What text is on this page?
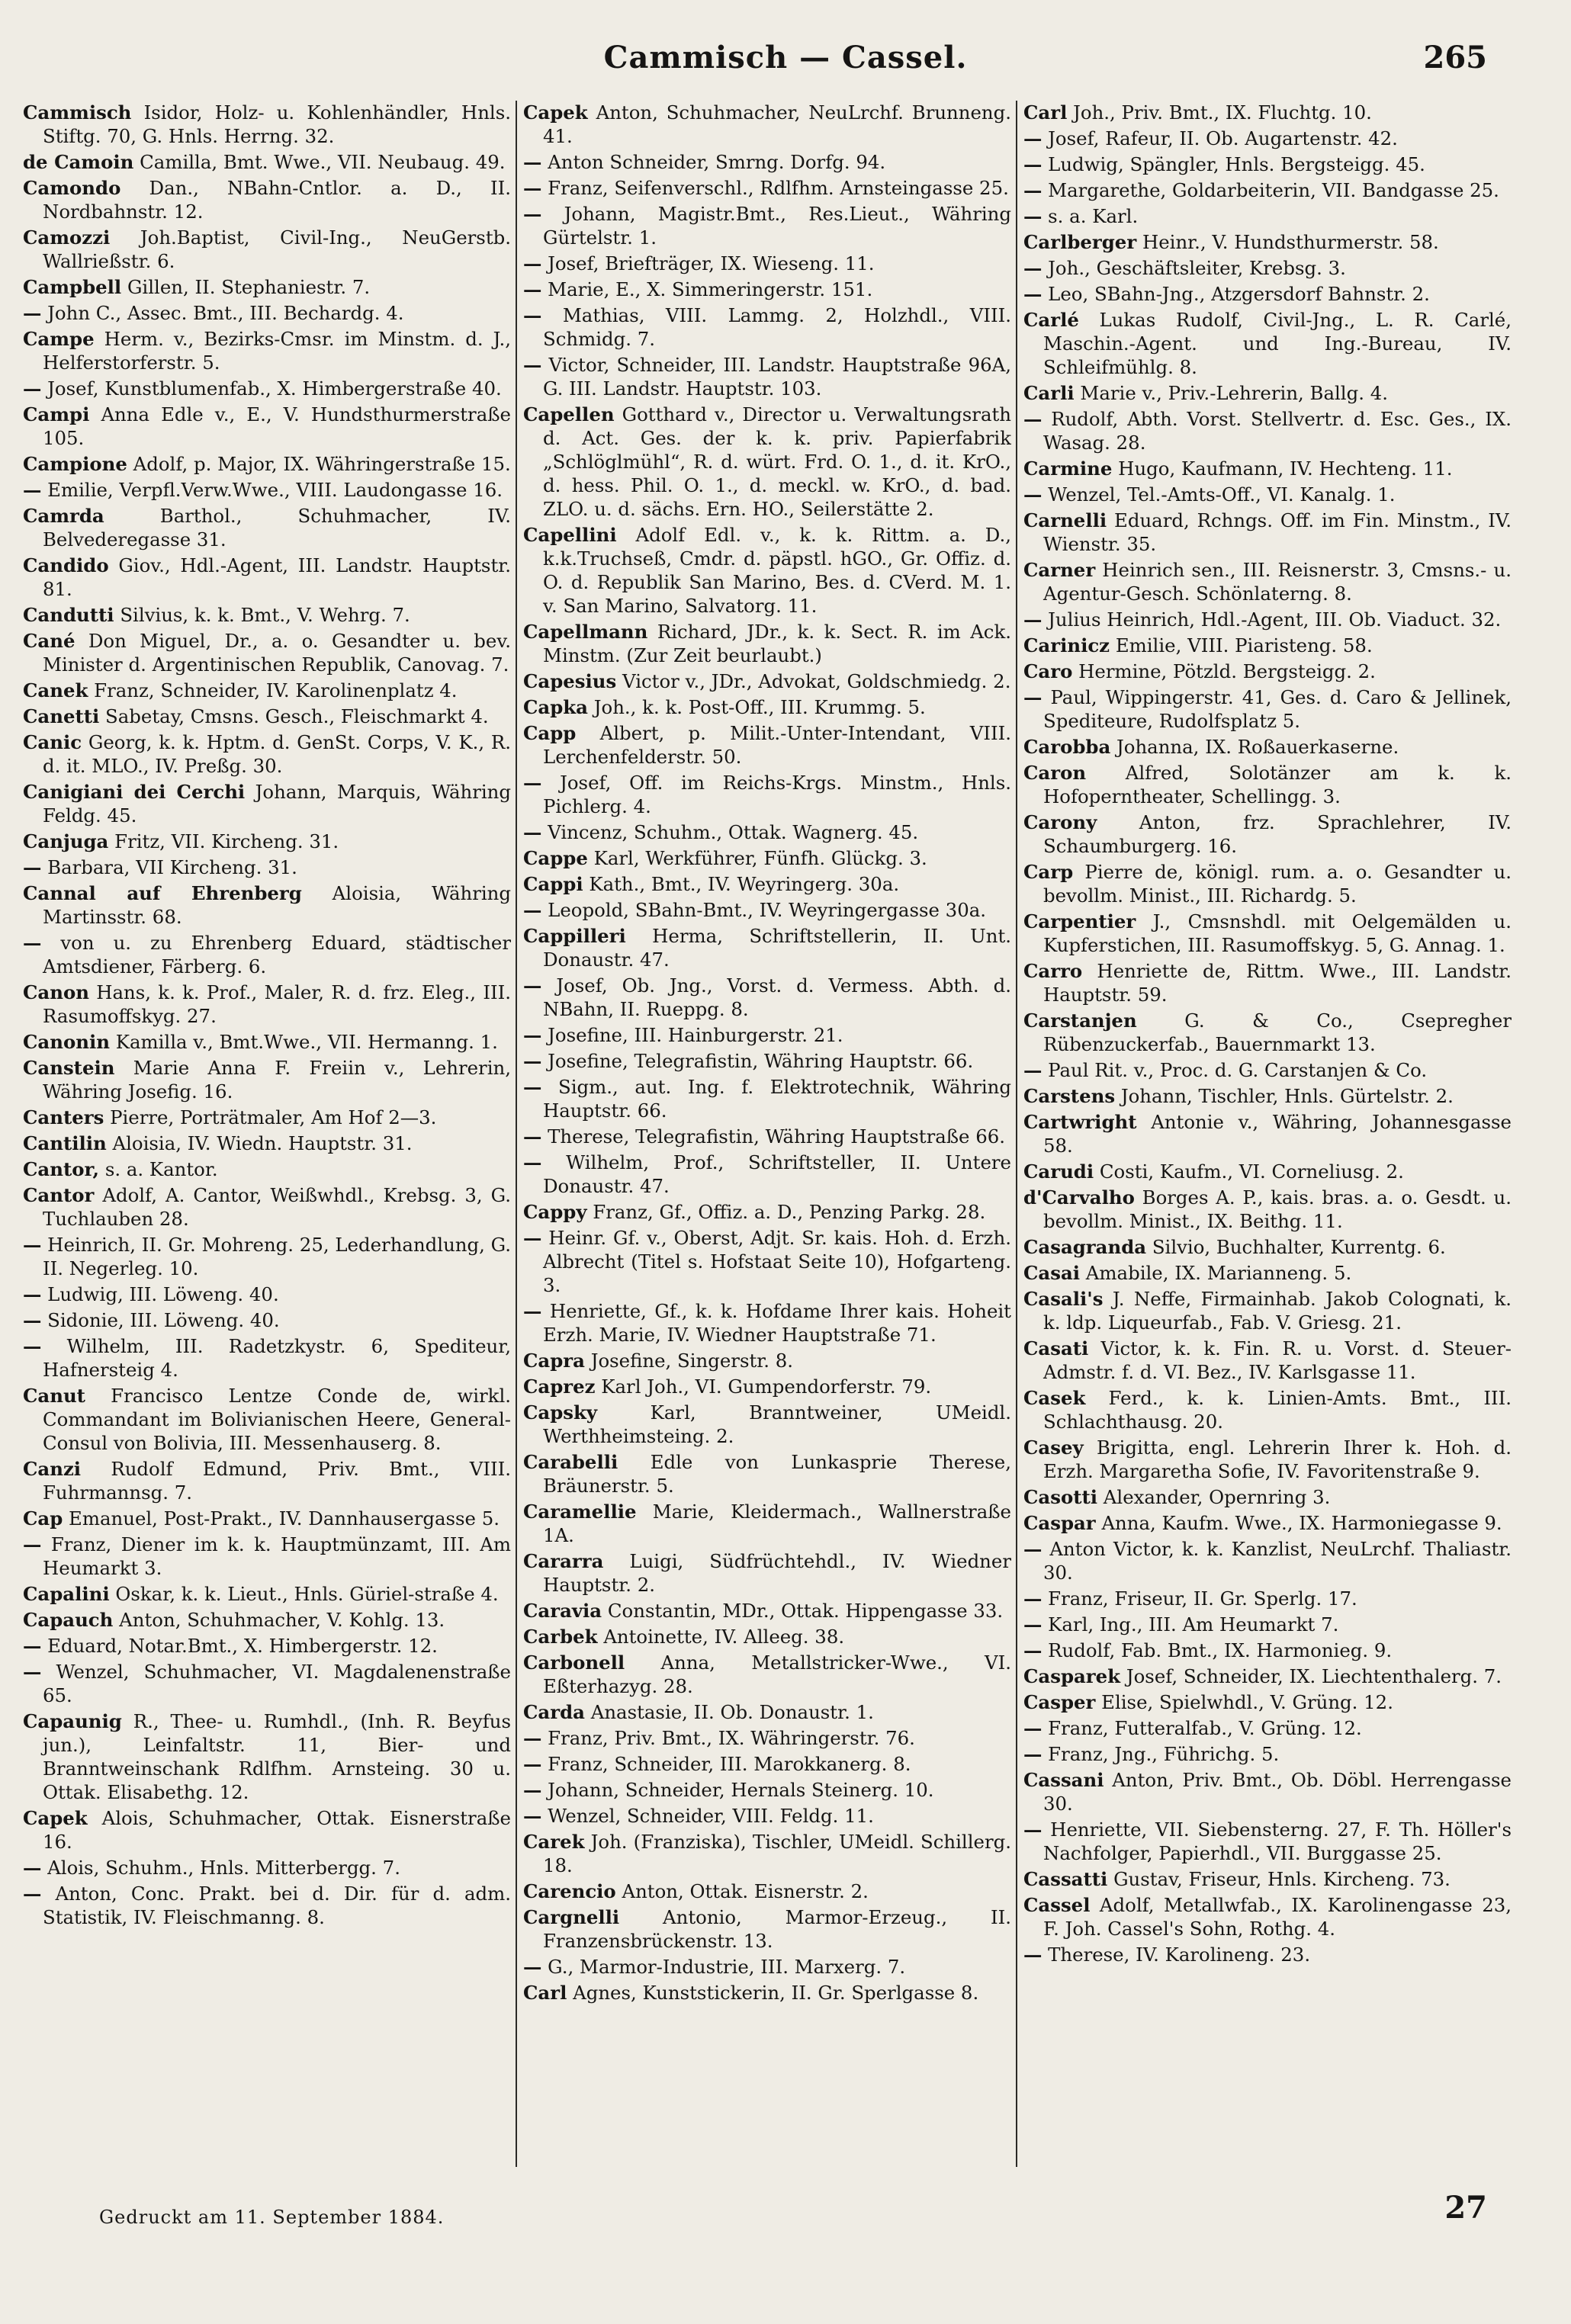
Cammisch — Cassel.	265

Cammisch Isidor, Holz- u. Kohlenhändler, Hnls. Stiftg. 70, G. Hnls. Herrng. 32.

de Camoin Camilla, Bmt. Wwe., VII. Neubaug. 49.

Camondo Dan., NBahn-Cntlor. a. D., II. Nordbahnstr. 12.

Camozzi Joh.Baptist, Civil-Ing., NeuGerstb. Wallrießstr. 6.

Campbell Gillen, II. Stephaniestr. 7.

— John C., Assec. Bmt., III. Bechardg. 4.

Campe Herm. v., Bezirks-Cmsr. im Minstm. d. J., Helferstorferstr. 5.

— Josef, Kunstblumenfab., X. Himbergerstraße 40.

Campi Anna Edle v., E., V. Hundsthurmerstraße 105.

Campione Adolf, p. Major, IX. Währingerstraße 15.

— Emilie, Verpfl.Verw.Wwe., VIII. Laudongasse 16.

Camrda	Barthol., Schuhmacher, IV. Belvederegasse 31.

Candido Giov., Hdl.-Agent, III. Landstr. Hauptstr. 81.

Candutti Silvius, k. k. Bmt., V. Wehrg. 7.

Cané Don Miguel, Dr., a. o. Gesandter u. bev. Minister d. Argentinischen Republik, Canovag. 7.

Canek Franz, Schneider, IV. Karolinenplatz 4.

Canetti Sabetay, Cmsns. Gesch., Fleischmarkt 4.

Canic Georg, k. k. Hptm. d. GenSt. Corps, V. K., R. d. it. MLO., IV. Preßg. 30.

Canigiani dei Cerchi Johann, Marquis, Währing Feldg. 45.

Canjuga Fritz, VII. Kircheng. 31.

— Barbara, VII Kircheng. 31.

Cannal auf Ehrenberg Aloisia, Währing Martinsstr. 68.

— von u. zu Ehrenberg Eduard, städtischer Amtsdiener, Färberg. 6.

Canon Hans, k. k. Prof., Maler, R. d. frz. Eleg., III. Rasumoffskyg. 27.

Canonin Kamilla v., Bmt.Wwe., VII. Hermanng. 1.

Canstein Marie Anna F. Freiin v., Lehrerin, Währing Josefig. 16.

Canters Pierre, Porträtmaler, Am Hof 2—3.

Cantilin Aloisia, IV. Wiedn. Hauptstr. 31.

Cantor, s. a. Kantor.

Cantor Adolf, A. Cantor, Weißwhdl., Krebsg. 3, G. Tuchlauben 28.

— Heinrich, II. Gr. Mohreng. 25, Lederhandlung, G. II. Negerleg. 10.

— Ludwig, III. Löweng. 40.

— Sidonie, III. Löweng. 40.

— Wilhelm, III. Radetzkystr. 6, Spediteur, Hafnersteig 4.

Canut Francisco Lentze Conde de, wirkl. Commandant im Bolivianischen Heere, General-Consul von Bolivia, III. Messenhauserg. 8.

Canzi Rudolf Edmund, Priv. Bmt., VIII. Fuhrmannsg. 7.

Cap Emanuel, Post-Prakt., IV. Dannhausergasse 5.

— Franz, Diener im k. k. Hauptmünzamt, III. Am Heumarkt 3.

Capalini Oskar, k. k. Lieut., Hnls. Güriel-straße 4.

Capauch Anton, Schuhmacher, V. Kohlg. 13.

— Eduard, Notar.Bmt., X. Himbergerstr. 12.

— Wenzel, Schuhmacher, VI. Magdalenenstraße 65.

Capaunig R., Thee- u. Rumhdl., (Inh. R. Beyfus jun.), Leinfaltstr. 11, Bier- und Branntweinschank Rdlfhm. Arnsteing. 30 u. Ottak. Elisabethg. 12.

Capek Alois, Schuhmacher, Ottak. Eisnerstraße 16.

— Alois, Schuhm., Hnls. Mitterbergg. 7.

— Anton, Conc. Prakt. bei d. Dir. für d. adm. Statistik, IV. Fleischmanng. 8.

Capek Anton, Schuhmacher, NeuLrchf. Brunneng. 41.

— Anton Schneider, Smrng. Dorfg. 94.

— Franz, Seifenverschl., Rdlfhm. Arnsteingasse 25.

— Johann, Magistr.Bmt., Res.Lieut., Währing Gürtelstr. 1.

— Josef, Briefträger, IX. Wieseng. 11.

— Marie, E., X. Simmeringerstr. 151.

— Mathias, VIII. Lammg. 2, Holzhdl., VIII. Schmidg. 7.

— Victor, Schneider, III. Landstr. Hauptstraße 96A, G. III. Landstr. Hauptstr. 103.

Capellen Gotthard v., Director u. Verwaltungsrath d. Act. Ges. der k. k. priv. Papierfabrik „Schlöglmühl“, R. d. würt. Frd. O. 1., d. it. KrO., d. hess. Phil. O. 1., d. meckl. w. KrO., d. bad. ZLO. u. d. sächs. Ern. HO., Seilerstätte 2.

Capellini Adolf Edl. v., k. k. Rittm. a. D., k.k.Truchseß, Cmdr. d. päpstl. hGO., Gr. Offiz. d. O. d. Republik San Marino, Bes. d. CVerd. M. 1. v. San Marino, Salvatorg. 11.

Capellmann Richard, JDr., k. k. Sect. R. im Ack. Minstm. (Zur Zeit beurlaubt.)

Capesius Victor v., JDr., Advokat, Goldschmiedg. 2.

Capka Joh., k. k. Post-Off., III. Krummg. 5.

Capp Albert, p. Milit.-Unter-Intendant, VIII. Lerchenfelderstr. 50.

— Josef, Off. im Reichs-Krgs. Minstm., Hnls. Pichlerg. 4.

— Vincenz, Schuhm., Ottak. Wagnerg. 45.

Cappe Karl, Werkführer, Fünfh. Glückg. 3.

Cappi Kath., Bmt., IV. Weyringerg. 30a.

— Leopold, SBahn-Bmt., IV. Weyringergasse 30a.

Cappilleri Herma, Schriftstellerin, II. Unt. Donaustr. 47.

— Josef, Ob. Jng., Vorst. d. Vermess. Abth. d. NBahn, II. Rueppg. 8.

— Josefine, III. Hainburgerstr. 21.

— Josefine, Telegrafistin, Währing Hauptstr. 66.

— Sigm., aut. Ing. f. Elektrotechnik, Währing Hauptstr. 66.

— Therese, Telegrafistin, Währing Hauptstraße 66.

— Wilhelm, Prof., Schriftsteller, II. Untere Donaustr. 47.

Cappy Franz, Gf., Offiz. a. D., Penzing Parkg. 28.

— Heinr. Gf. v., Oberst, Adjt. Sr. kais. Hoh. d. Erzh. Albrecht (Titel s. Hofstaat Seite 10), Hofgarteng. 3.

— Henriette, Gf., k. k. Hofdame Ihrer kais. Hoheit Erzh. Marie, IV. Wiedner Hauptstraße 71.

Capra Josefine, Singerstr. 8.

Caprez Karl Joh., VI. Gumpendorferstr. 79.

Capsky	Karl, Branntweiner, UMeidl. Werthheimsteing. 2.

Carabelli Edle von Lunkasprie Therese, Bräunerstr. 5.

Caramellie Marie, Kleidermach., Wallnerstraße 1A.

Cararra Luigi, Südfrüchtehdl., IV. Wiedner Hauptstr. 2.

Caravia Constantin, MDr., Ottak. Hippengasse 33.

Carbek Antoinette, IV. Alleeg. 38.

Carbonell Anna, Metallstricker-Wwe., VI. Eßterhazyg. 28.

Carda Anastasie, II. Ob. Donaustr. 1.

— Franz, Priv. Bmt., IX. Währingerstr. 76.

— Franz, Schneider, III. Marokkanerg. 8.

— Johann, Schneider, Hernals Steinerg. 10.

— Wenzel, Schneider, VIII. Feldg. 11.

Carek Joh. (Franziska), Tischler, UMeidl. Schillerg. 18.

Carencio Anton, Ottak. Eisnerstr. 2.

Cargnelli Antonio, Marmor-Erzeug., II. Franzensbrückenstr. 13.

— G., Marmor-Industrie, III. Marxerg. 7.

Carl Agnes, Kunststickerin, II. Gr. Sperlgasse 8.

Carl Joh., Priv. Bmt., IX. Fluchtg. 10.

— Josef, Rafeur, II. Ob. Augartenstr. 42.

— Ludwig, Spängler, Hnls. Bergsteigg. 45.

— Margarethe, Goldarbeiterin, VII. Bandgasse 25.

— s. a. Karl.

Carlberger Heinr., V. Hundsthurmerstr. 58.

— Joh., Geschäftsleiter, Krebsg. 3.

— Leo, SBahn-Jng., Atzgersdorf Bahnstr. 2.

Carlé Lukas Rudolf, Civil-Jng., L. R. Carlé, Maschin.-Agent. und Ing.-Bureau, IV. Schleifmühlg. 8.

Carli Marie v., Priv.-Lehrerin, Ballg. 4.

— Rudolf, Abth. Vorst. Stellvertr. d. Esc. Ges., IX. Wasag. 28.

Carmine Hugo, Kaufmann, IV. Hechteng. 11.

— Wenzel, Tel.-Amts-Off., VI. Kanalg. 1.

Carnelli Eduard, Rchngs. Off. im Fin. Minstm., IV. Wienstr. 35.

Carner Heinrich sen., III. Reisnerstr. 3, Cmsns.- u. Agentur-Gesch. Schönlaterng. 8.

— Julius Heinrich, Hdl.-Agent, III. Ob. Viaduct. 32.

Carinicz Emilie, VIII. Piaristeng. 58.

Caro Hermine, Pötzld. Bergsteigg. 2.

— Paul, Wippingerstr. 41, Ges. d. Caro & Jellinek, Spediteure, Rudolfsplatz 5.

Carobba Johanna, IX. Roßauerkaserne.

Caron Alfred, Solotänzer am k. k. Hofoperntheater, Schellingg. 3.

Carony Anton, frz. Sprachlehrer, IV. Schaumburgerg. 16.

Carp Pierre de, königl. rum. a. o. Gesandter u. bevollm. Minist., III. Richardg. 5.

Carpentier J., Cmsnshdl. mit Oelgemälden u. Kupferstichen, III. Rasumoffskyg. 5, G. Annag. 1.

Carro Henriette de, Rittm. Wwe., III. Landstr. Hauptstr. 59.

Carstanjen	G. & Co., Csepregher Rübenzuckerfab., Bauernmarkt 13.

— Paul Rit. v., Proc. d. G. Carstanjen & Co.

Carstens Johann, Tischler, Hnls. Gürtelstr. 2.

Cartwright Antonie v., Währing, Johannesgasse 58.

Carudi Costi, Kaufm., VI. Corneliusg. 2.

d'Carvalho Borges A. P., kais. bras. a. o. Gesdt. u. bevollm. Minist., IX. Beithg. 11.

Casagranda Silvio, Buchhalter, Kurrentg. 6.

Casai Amabile, IX. Marianneng. 5.

Casali's J. Neffe, Firmainhab. Jakob Colognati, k. k. ldp. Liqueurfab., Fab. V. Griesg. 21.

Casati Victor, k. k. Fin. R. u. Vorst. d. Steuer-Admstr. f. d. VI. Bez., IV. Karlsgasse 11.

Casek Ferd., k. k. Linien-Amts. Bmt., III. Schlachthausg. 20.

Casey Brigitta, engl. Lehrerin Ihrer k. Hoh. d. Erzh. Margaretha Sofie, IV. Favoritenstraße 9.

Casotti Alexander, Opernring 3.

Caspar Anna, Kaufm. Wwe., IX. Harmoniegasse 9.

— Anton Victor, k. k. Kanzlist, NeuLrchf. Thaliastr. 30.

— Franz, Friseur, II. Gr. Sperlg. 17.

— Karl, Ing., III. Am Heumarkt 7.

— Rudolf, Fab. Bmt., IX. Harmonieg. 9.

Casparek Josef, Schneider, IX. Liechtenthalerg. 7.

Casper Elise, Spielwhdl., V. Grüng. 12.

— Franz, Futteralfab., V. Grüng. 12.

— Franz, Jng., Führichg. 5.

Cassani Anton, Priv. Bmt., Ob. Döbl. Herrengasse 30.

— Henriette, VII. Siebensterng. 27, F. Th. Höller's Nachfolger, Papierhdl., VII. Burggasse 25.

Cassatti Gustav, Friseur, Hnls. Kircheng. 73.

Cassel Adolf, Metallwfab., IX. Karolinengasse 23, F. Joh. Cassel's Sohn, Rothg. 4.

— Therese, IV. Karolineng. 23.

Gedruckt am 11. September 1884.	27
